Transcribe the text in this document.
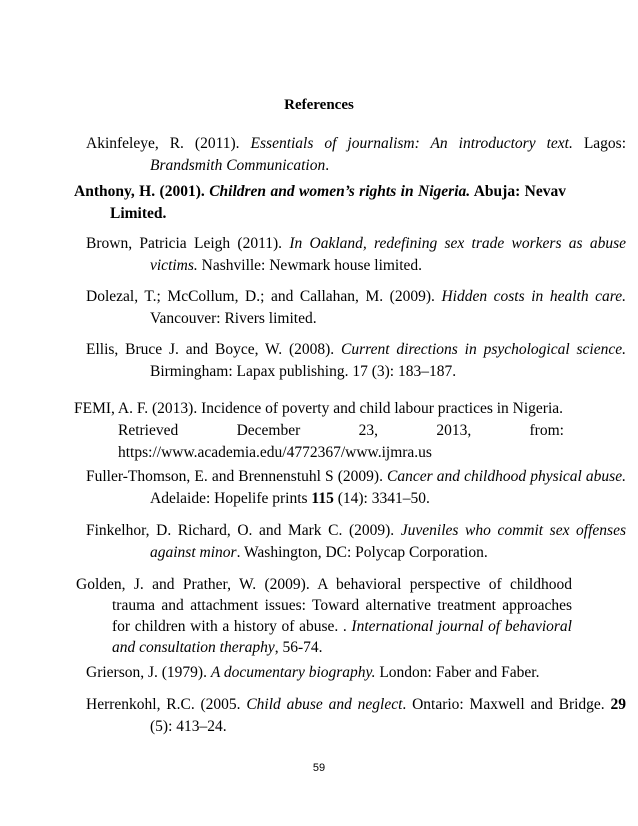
References
Akinfeleye, R. (2011). Essentials of journalism: An introductory text. Lagos: Brandsmith Communication.
Anthony, H. (2001). Children and women’s rights in Nigeria. Abuja: Nevav Limited.
Brown, Patricia Leigh (2011). In Oakland, redefining sex trade workers as abuse victims. Nashville: Newmark house limited.
Dolezal, T.; McCollum, D.; and Callahan, M. (2009). Hidden costs in health care. Vancouver: Rivers limited.
Ellis, Bruce J. and Boyce, W. (2008). Current directions in psychological science. Birmingham: Lapax publishing. 17 (3): 183–187.
FEMI, A. F. (2013). Incidence of poverty and child labour practices in Nigeria.
Retrieved	December	23,	2013,	from:
https://www.academia.edu/4772367/www.ijmra.us
Fuller-Thomson, E. and Brennenstuhl S (2009). Cancer and childhood physical abuse. Adelaide: Hopelife prints 115 (14): 3341–50.
Finkelhor, D. Richard, O. and Mark C. (2009). Juveniles who commit sex offenses against minor. Washington, DC: Polycap Corporation.
Golden, J. and Prather, W. (2009). A behavioral perspective of childhood trauma and attachment issues: Toward alternative treatment approaches for children with a history of abuse. . International journal of behavioral and consultation theraphy, 56-74.
Grierson, J. (1979). A documentary biography. London: Faber and Faber.
Herrenkohl, R.C. (2005. Child abuse and neglect. Ontario: Maxwell and Bridge. 29 (5): 413–24.
59
